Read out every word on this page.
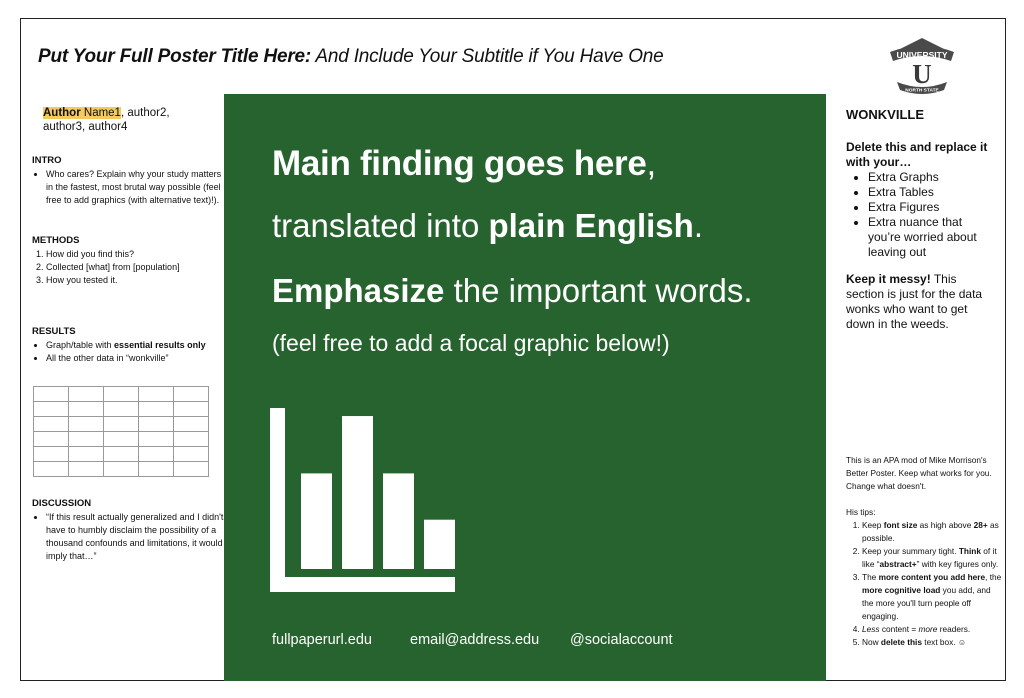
Put Your Full Poster Title Here: And Include Your Subtitle if You Have One	UNIVERSITY
U
NORTH STATE
Author Name1, author2, author3, author4
INTRO
• Who cares? Explain why your study matters in the fastest, most brutal way possible (feel free to add graphics (with alternative text)!).
METHODS
1. How did you find this?
2. Collected [what] from [population]
3. How you tested it.
RESULTS
• Graph/table with essential results only
• All the other data in “wonkville”

DISCUSSION
• “If this result actually generalized and I didn't have to humbly disclaim the possibility of a thousand confounds and limitations, it would imply that…”
Main finding goes here,
translated into plain English.
Emphasize the important words.
(feel free to add a focal graphic below!)
fullpaperurl.edu	email@address.edu @socialaccount
WONKVILLE
Delete this and replace it with your…
• Extra Graphs
• Extra Tables
• Extra Figures
• Extra nuance that you’re worried about leaving out
Keep it messy! This section is just for the data wonks who want to get down in the weeds.

This is an APA mod of Mike Morrison's Better Poster. Keep what works for you. Change what doesn't.

His tips:
1. Keep font size as high above 28+ as possible.
2. Keep your summary tight. Think of it like “abstract+” with key figures only.
3. The more content you add here, the more cognitive load you add, and the more you'll turn people off engaging.
4. Less content = more readers.
5. Now delete this text box. ☺
